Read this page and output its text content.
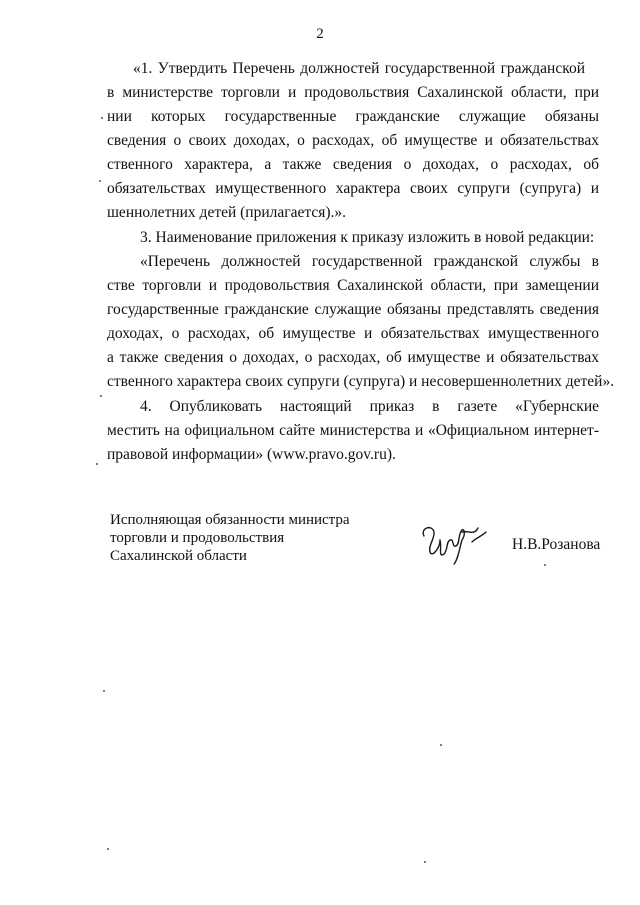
2
«1. Утвердить Перечень должностей государственной гражданской
в министерстве торговли и продовольствия Сахалинской области, при
нии которых государственные гражданские служащие обязаны
сведения о своих доходах, о расходах, об имуществе и обязательствах
ственного характера, а также сведения о доходах, о расходах, об
обязательствах имущественного характера своих супруги (супруга) и
шеннолетних детей (прилагается).».
3. Наименование приложения к приказу изложить в новой редакции:
«Перечень должностей государственной гражданской службы в
стве торговли и продовольствия Сахалинской области, при замещении
государственные гражданские служащие обязаны представлять сведения
доходах, о расходах, об имуществе и обязательствах имущественного
а также сведения о доходах, о расходах, об имуществе и обязательствах
ственного характера своих супруги (супруга) и несовершеннолетних детей».
4. Опубликовать настоящий приказ в газете «Губернские
местить на официальном сайте министерства и «Официальном интернет-
правовой информации» (www.pravo.gov.ru).
Исполняющая обязанности министра
торговли и продовольствия
Сахалинской области
Н.В.Розанова
